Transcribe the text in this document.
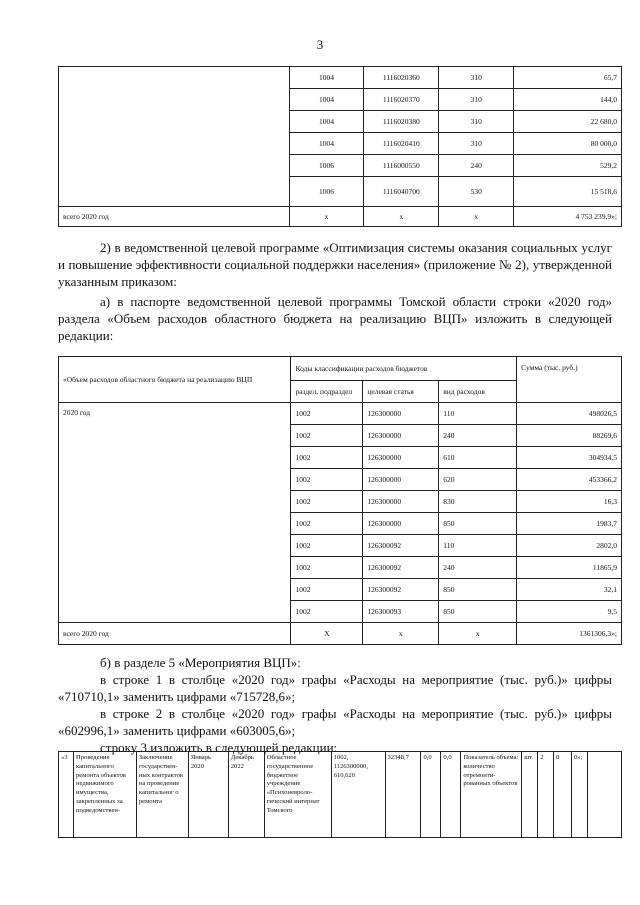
3
	1004	1116020360	310	65,7
	1004	1116020370	310	144,0
	1004	1116020380	310	22 680,0
	1004	1116020410	310	80 000,0
	1006	1116000550	240	529,2
	1006	1116040700	530	15 518,6
всего 2020 год	х	х	х	4 753 239,9»;
2) в ведомственной целевой программе «Оптимизация системы оказания социальных услуг и повышение эффективности социальной поддержки населения» (приложение № 2), утвержденной указанным приказом:
а) в паспорте ведомственной целевой программы Томской области строки «2020 год» раздела «Объем расходов областного бюджета на реализацию ВЦП» изложить в следующей редакции:
«Объем расходов областного бюджета на реализацию ВЦП	Коды классификации расходов бюджетов			Сумма (тыс. руб.)
	раздел, подраздел	целевая статья	вид расходов	
2020 год	1002	126300000	110	498026,5
	1002	126300000	240	88269,6
	1002	126300000	610	304934,5
	1002	126300000	620	453366,2
	1002	126300000	830	16,3
	1002	126300000	850	1983,7
	1002	126300092	110	2802,0
	1002	126300092	240	11865,9
	1002	126300092	850	32,1
	1002	126300093	850	9,5
всего 2020 год	Х	х	х	1361306,3»;
б) в разделе 5 «Мероприятия ВЦП»:
в строке 1 в столбце «2020 год» графы «Расходы на мероприятие (тыс. руб.)» цифры «710710,1» заменить цифрами «715728,6»;
в строке 2 в столбце «2020 год» графы «Расходы на мероприятие (тыс. руб.)» цифры «602996,1» заменить цифрами «603005,6»;
строку 3 изложить в следующей редакции:
«3	Проведение капитального ремонта объектов недвижимого имущества, закрепленных за подведомствен-	Заключение государствен-ных контрактов на проведение капитальног о ремонта	Январь 2020	Декабрь 2022	Областное государственное бюджетное учреждение «Психоневроло-гический интернат Томского	1002, 1126300000, 610,620	32348,7	0,0	0,0	Показатель объема: количество отремонти-рованных объектов	шт.	2	0	0»;	
